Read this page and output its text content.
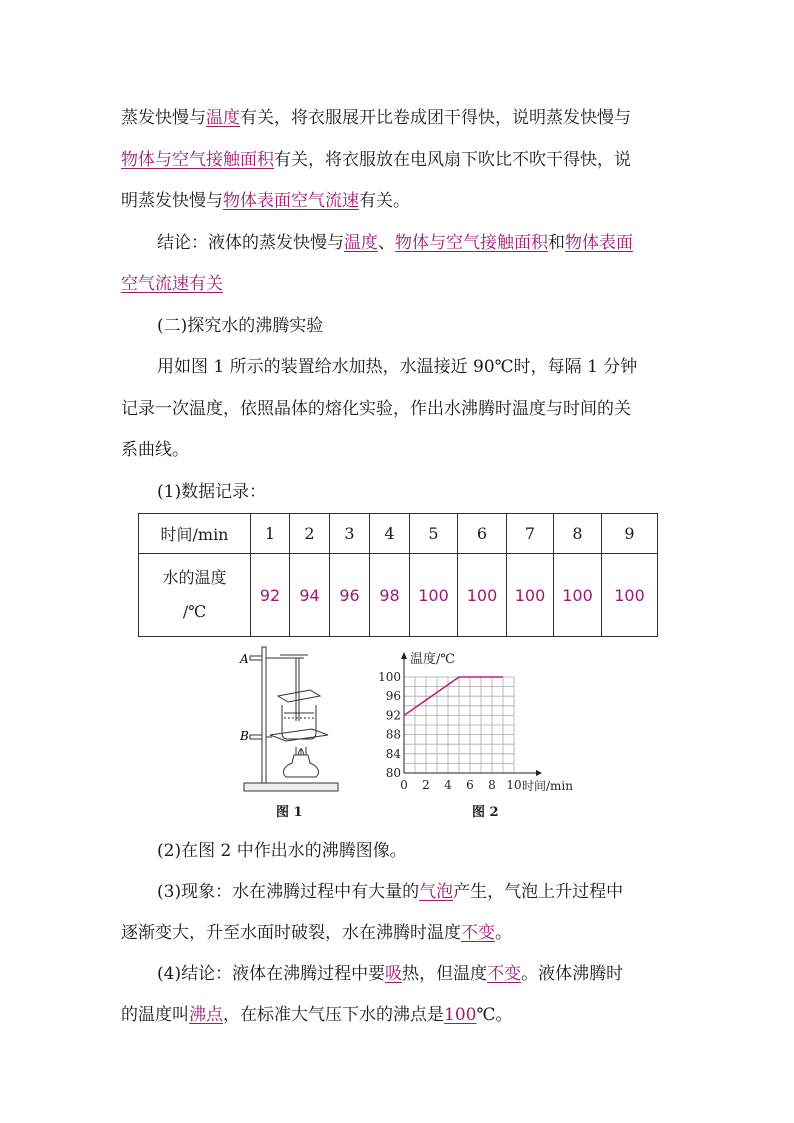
蒸发快慢与温度有关，将衣服展开比卷成团干得快，说明蒸发快慢与
物体与空气接触面积有关，将衣服放在电风扇下吹比不吹干得快，说
明蒸发快慢与物体表面空气流速有关。
结论：液体的蒸发快慢与温度、物体与空气接触面积和物体表面
空气流速有关
(二)探究水的沸腾实验
用如图 1 所示的装置给水加热，水温接近 90℃时，每隔 1 分钟
记录一次温度，依照晶体的熔化实验，作出水沸腾时温度与时间的关
系曲线。
(1)数据记录：
时间/min	1	2	3	4	5	6	7	8	9
水的温度
/℃	92	94	96	98	100	100	100	100	100
A
B
图 1
80
84
88
92
96
100
0 2 4 6 8 10
温度/℃
时间/min
图 2
(2)在图 2 中作出水的沸腾图像。
(3)现象：水在沸腾过程中有大量的气泡产生，气泡上升过程中
逐渐变大，升至水面时破裂，水在沸腾时温度不变。
(4)结论：液体在沸腾过程中要吸热，但温度不变。液体沸腾时
的温度叫沸点，在标准大气压下水的沸点是100℃。
